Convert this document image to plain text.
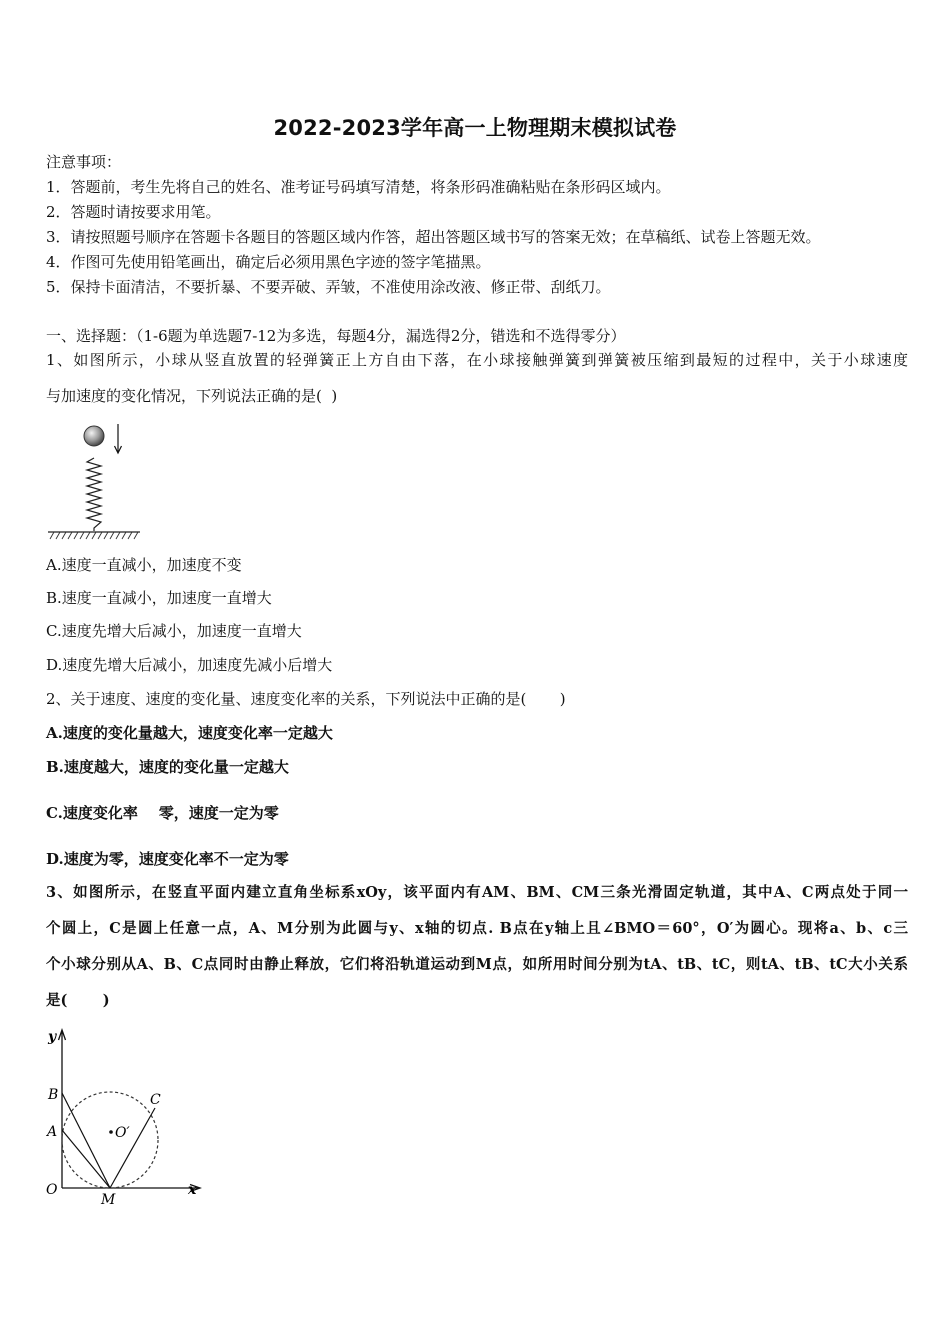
2022-2023学年高一上物理期末模拟试卷
注意事项：
1．答题前，考生先将自己的姓名、准考证号码填写清楚，将条形码准确粘贴在条形码区域内。
2．答题时请按要求用笔。
3．请按照题号顺序在答题卡各题目的答题区域内作答，超出答题区域书写的答案无效；在草稿纸、试卷上答题无效。
4．作图可先使用铅笔画出，确定后必须用黑色字迹的签字笔描黑。
5．保持卡面清洁，不要折暴、不要弄破、弄皱，不准使用涂改液、修正带、刮纸刀。
一、选择题：（1-6题为单选题7-12为多选，每题4分，漏选得2分，错选和不选得零分）
1、如图所示，小球从竖直放置的轻弹簧正上方自由下落，在小球接触弹簧到弹簧被压缩到最短的过程中，关于小球速度
与加速度的变化情况，下列说法正确的是(  )
A.速度一直减小，加速度不变
B.速度一直减小，加速度一直增大
C.速度先增大后减小，加速度一直增大
D.速度先增大后减小，加速度先减小后增大
2、关于速度、速度的变化量、速度变化率的关系，下列说法中正确的是(       )
A.速度的变化量越大，速度变化率一定越大
B.速度越大，速度的变化量一定越大
C.速度变化率    零，速度一定为零
D.速度为零，速度变化率不一定为零
3、如图所示，在竖直平面内建立直角坐标系xOy，该平面内有AM、BM、CM三条光滑固定轨道，其中A、C两点处于同一
个圆上，C是圆上任意一点，A、M分别为此圆与y、x轴的切点. B点在y轴上且∠BMO＝60°，O′为圆心。现将a、b、c三
个小球分别从A、B、C点同时由静止释放，它们将沿轨道运动到M点，如所用时间分别为tA、tB、tC，则tA、tB、tC大小关系
是(       )
y
x
O
M
A
B	C
O′
